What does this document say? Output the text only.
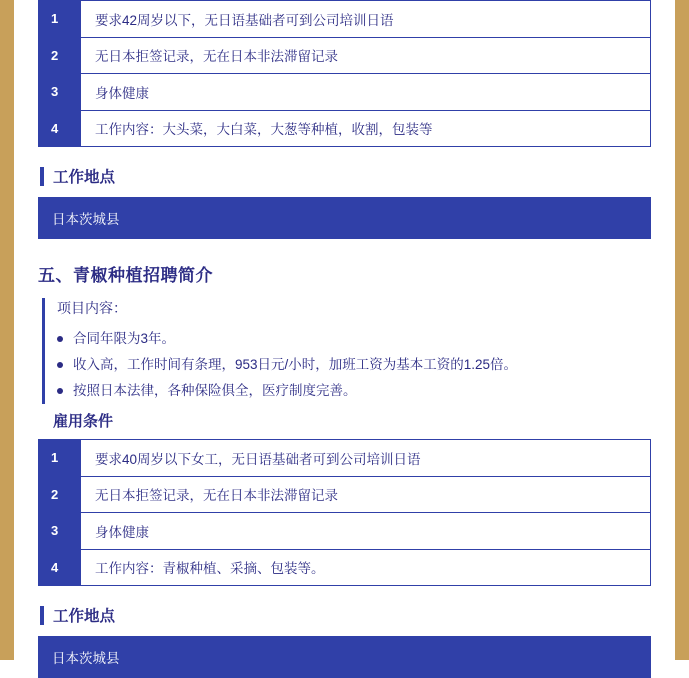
1	要求42周岁以下，无日语基础者可到公司培训日语
2	无日本拒签记录，无在日本非法滞留记录
3	身体健康
4	工作内容：大头菜，大白菜，大葱等种植，收割，包装等
工作地点
日本茨城县
五、青椒种植招聘简介
项目内容：
合同年限为3年。
收入高，工作时间有条理，953日元/小时，加班工资为基本工资的1.25倍。
按照日本法律，各种保险俱全，医疗制度完善。
雇用条件
1	要求40周岁以下女工，无日语基础者可到公司培训日语
2	无日本拒签记录，无在日本非法滞留记录
3	身体健康
4	工作内容：青椒种植、采摘、包装等。
工作地点
日本茨城县
